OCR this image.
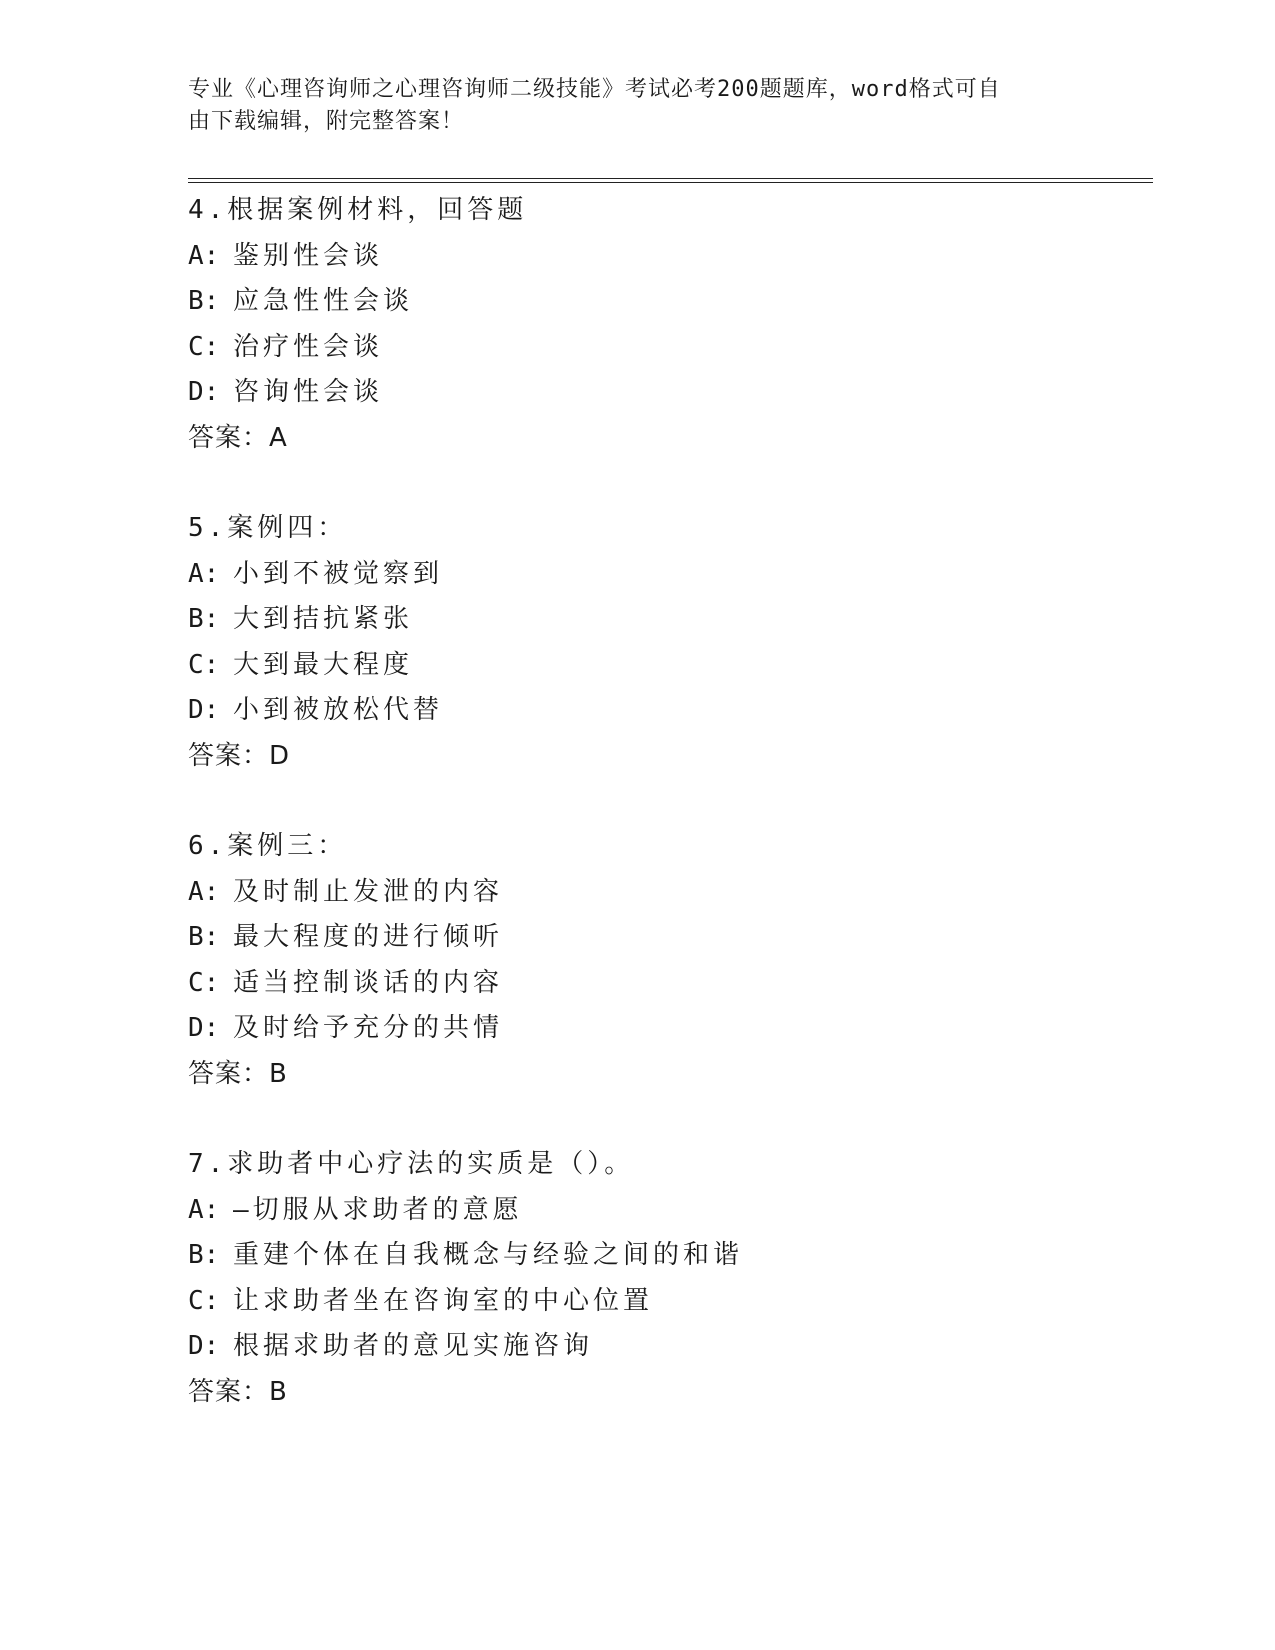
专业《心理咨询师之心理咨询师二级技能》考试必考200题题库，word格式可自
由下载编辑，附完整答案！
4.根据案例材料，回答题
A: 鉴别性会谈
B: 应急性性会谈
C: 治疗性会谈
D: 咨询性会谈
答案：A
5.案例四：
A: 小到不被觉察到
B: 大到拮抗紧张
C: 大到最大程度
D: 小到被放松代替
答案：D
6.案例三：
A: 及时制止发泄的内容
B: 最大程度的进行倾听
C: 适当控制谈话的内容
D: 及时给予充分的共情
答案：B
7.求助者中心疗法的实质是（）。
A: —切服从求助者的意愿
B: 重建个体在自我概念与经验之间的和谐
C: 让求助者坐在咨询室的中心位置
D: 根据求助者的意见实施咨询
答案：B
